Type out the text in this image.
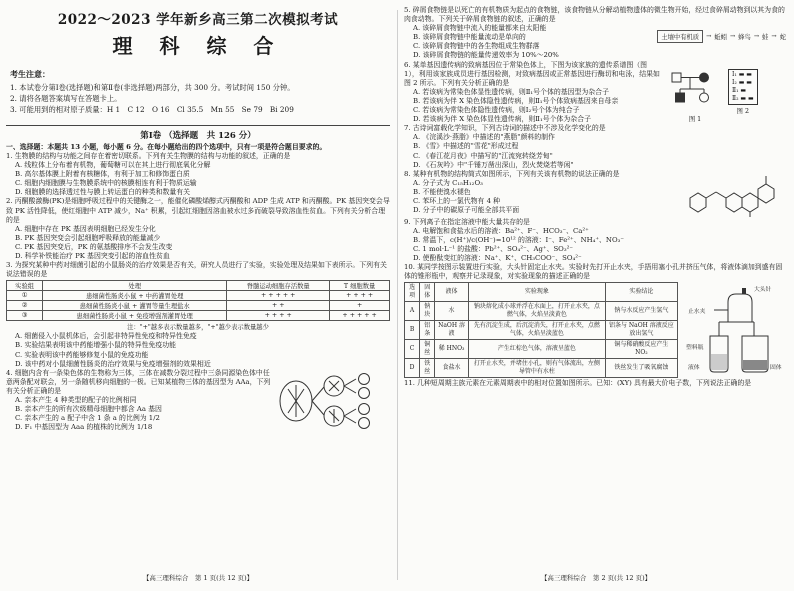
2022～2023 学年新乡高三第二次模拟考试
理 科 综 合
考生注意：
1. 本试卷分第Ⅰ卷(选择题)和第Ⅱ卷(非选择题)两部分，共 300 分。考试时间 150 分钟。
2. 请将各题答案填写在答题卡上。
3. 可能用到的相对原子质量：H 1　C 12　O 16　Cl 35.5　Mn 55　Se 79　Bi 209
第Ⅰ卷 （选择题　共 126 分）
一、选择题：本题共 13 小题，每小题 6 分。在每小题给出的四个选项中，只有一项是符合题目要求的。
1. 生物膜的结构与功能之间存在着密切联系。下列有关生物膜的结构与功能的叙述，正确的是
A. 线粒体上分布着有机物，葡萄糖可以在其上进行彻底氧化分解
B. 高尔基体膜上附着有核糖体，有利于加工和修饰蛋白质
C. 细胞内细胞膜与生物膜系统中的核膜相连有利于物质运输
D. 细胞膜的选择透过性与膜上转运蛋白的种类和数量有关
2. 丙酮酸激酶(PK)是细胞呼吸过程中的关键酶之一，能催化磷酸烯醇式丙酮酸和 ADP 生成 ATP 和丙酮酸。PK 基因突变会导致 PK 活性降低，使红细胞中 ATP 减少，Na⁺ 积累，引起红细胞因溶血被水过多而破裂导致溶血性贫血。下列有关分析合理的是
A. 细胞中存在 PK 基因表明细胞已经发生分化
B. PK 基因突变会引起细胞呼吸释放的能量减少
C. PK 基因突变后，PK 的氨基酸排序不会发生改变
D. 科学补铁能治疗 PK 基因突变引起的溶血性贫血
3. 为探究某种中药对细菌引起的小鼠肠炎的治疗效果是否有关，研究人员进行了实验，实验处理及结果如下表所示。下列有关说法错误的是
实验组	处理	脊髓运动细胞存活数量	T 细胞数量
①	患细菌性肠炎小鼠 + 中药灌胃处理	+ + + + +	+ + + +
②	患细菌性肠炎小鼠 + 灌胃等量生理盐水	+ +	+
③	患细菌性肠炎小鼠 + 免疫增强剂灌胃处理	+ + + +	+ + + + +
注："+"越多表示数量越多，"+"越少表示数量越少
A. 细菌侵入小鼠机体后，会引起非特异性免疫和特异性免疫
B. 实验结果表明该中药能增强小鼠的特异性免疫功能
C. 实验表明该中药能够修复小鼠的免疫功能
D. 该中药对小鼠细菌性肠炎的治疗效果与免疫增强剂的效果相近
4. 细胞内含有一条染色体的生物称为三体，三体在减数分裂过程中三条同源染色体中任意两条配对联会，另一条随机移向细胞的一极。已知某植物三体的基因型为 AAa，下列有关分析正确的是
A. 亲本产生 4 种类型的配子的比例相同
B. 亲本产生的所有次级精母细胞中都含 Aa 基因
C. 亲本产生的 a 配子中含 1 条 a 的比例为 1/2
D. F₁ 中基因型为 Aaa 的植株的比例为 1/18
【高三理科综合　第 1 页(共 12 页)】
5. 碎屑食物链是以死亡的有机物质为起点的食物链，该食物链从分解动植物遗体的微生物开始，经过食碎屑动物到以其为食的肉食动物。下列关于碎屑食物链的叙述，正确的是
A. 该碎屑食物链中流入的能量都来自太阳能
B. 该碎屑食物链中能量流动是单向的
C. 该碎屑食物链中的各生物组成生物群落
D. 该碎屑食物链的能量传递效率为 10%～20%
土壤中有机质	→ 蚯蚓 → 蜂鸟 → 蛙 → 蛇
6. 某单基因遗传病的致病基因位于常染色体上，下图为该家族的遗传系谱图（图 1），利用该家族成员进行基因检测，对致病基因或正常基因进行酶切和电泳，结果如图 2 所示。下列有关分析正确的是
A. 若该病为常染色体显性遗传病，则Ⅱ₁号个体的基因型为杂合子
B. 若该病为伴 X 染色体隐性遗传病，则Ⅱ₁号个体致病基因来自母亲
C. 若该病为常染色体隐性遗传病，则Ⅰ₂号个体为纯合子
D. 若该病为伴 X 染色体显性遗传病，则Ⅱ₁号个体为杂合子	图 1
Ⅰ₁ ▬ ▬
Ⅰ₂ ▬ ▬
Ⅱ₁ ▬
Ⅱ₂ ▬ ▬
图 2
7. 古诗词富载化学知识，下列古诗词的描述中不涉及化学变化的是
A. 《浣溪沙·燕脂》中描述的"燕脂"颜料的制作
B. 《雪》中描述的"雪花"形成过程
C. 《春江花月夜》中描写的"江流宛转绕芳甸"
D. 《石灰吟》中"千锤万凿出深山，烈火焚烧若等闲"
8. 某种有机物的结构简式如图所示，下列有关该有机物的说法正确的是
A. 分子式为 C₁₅H₁₂O₃
B. 不能使溴水褪色
C. 苯环上的一氯代物有 4 种
D. 分子中的碳原子可能全部共平面
9. 下列离子在指定溶液中能大量共存的是
A. 电解饱和食盐水后的溶液：Ba²⁺、F⁻、HCO₃⁻、Ca²⁺
B. 常温下，c(H⁺)/c(OH⁻)=10¹² 的溶液：I⁻、Fe²⁺、NH₄⁺、NO₃⁻
C. 1 mol·L⁻¹ 的盐酸：Pb²⁺、SO₄²⁻、Ag⁺、SO₃²⁻
D. 使酚酞变红的溶液：Na⁺、K⁺、CH₃COO⁻、SO₄²⁻
10. 某同学按图示装置进行实验，大头针固定止水夹。实验时先打开止水夹，手捂用塞小孔并挤压气体，将液体滴加到盛有固体的锥形瓶中，观察并记录现象，对实验现象的描述正确的是
选项	固体	液体	实验现象	实验结论
A	钠块	水	钠块熔化成小球并浮在水面上，打开止水夹，点燃气体，火焰呈淡黄色	钠与水反应产生氢气
B	铝条	NaOH 溶液	先有沉淀生成，后沉淀消失，打开止水夹，点燃气体，火焰呈淡蓝色	铝条与 NaOH 溶液反应放出氢气
C	铜丝	稀 HNO₃	产生红棕色气体，溶液呈蓝色	铜与稀硝酸反应产生 NO₂
D	铁丝	食盐水	打开止水夹，并堵住小孔，则有气体流出，左侧导管中有水柱	铁丝发生了吸氧腐蚀
大头针
止水夹
塑料瓶
液体	固体
11. 几种短周期主族元素在元素周期表中的相对位置如图所示。已知：(XY) 具有最大价电子数，下列说法正确的是
【高三理科综合　第 2 页(共 12 页)】
